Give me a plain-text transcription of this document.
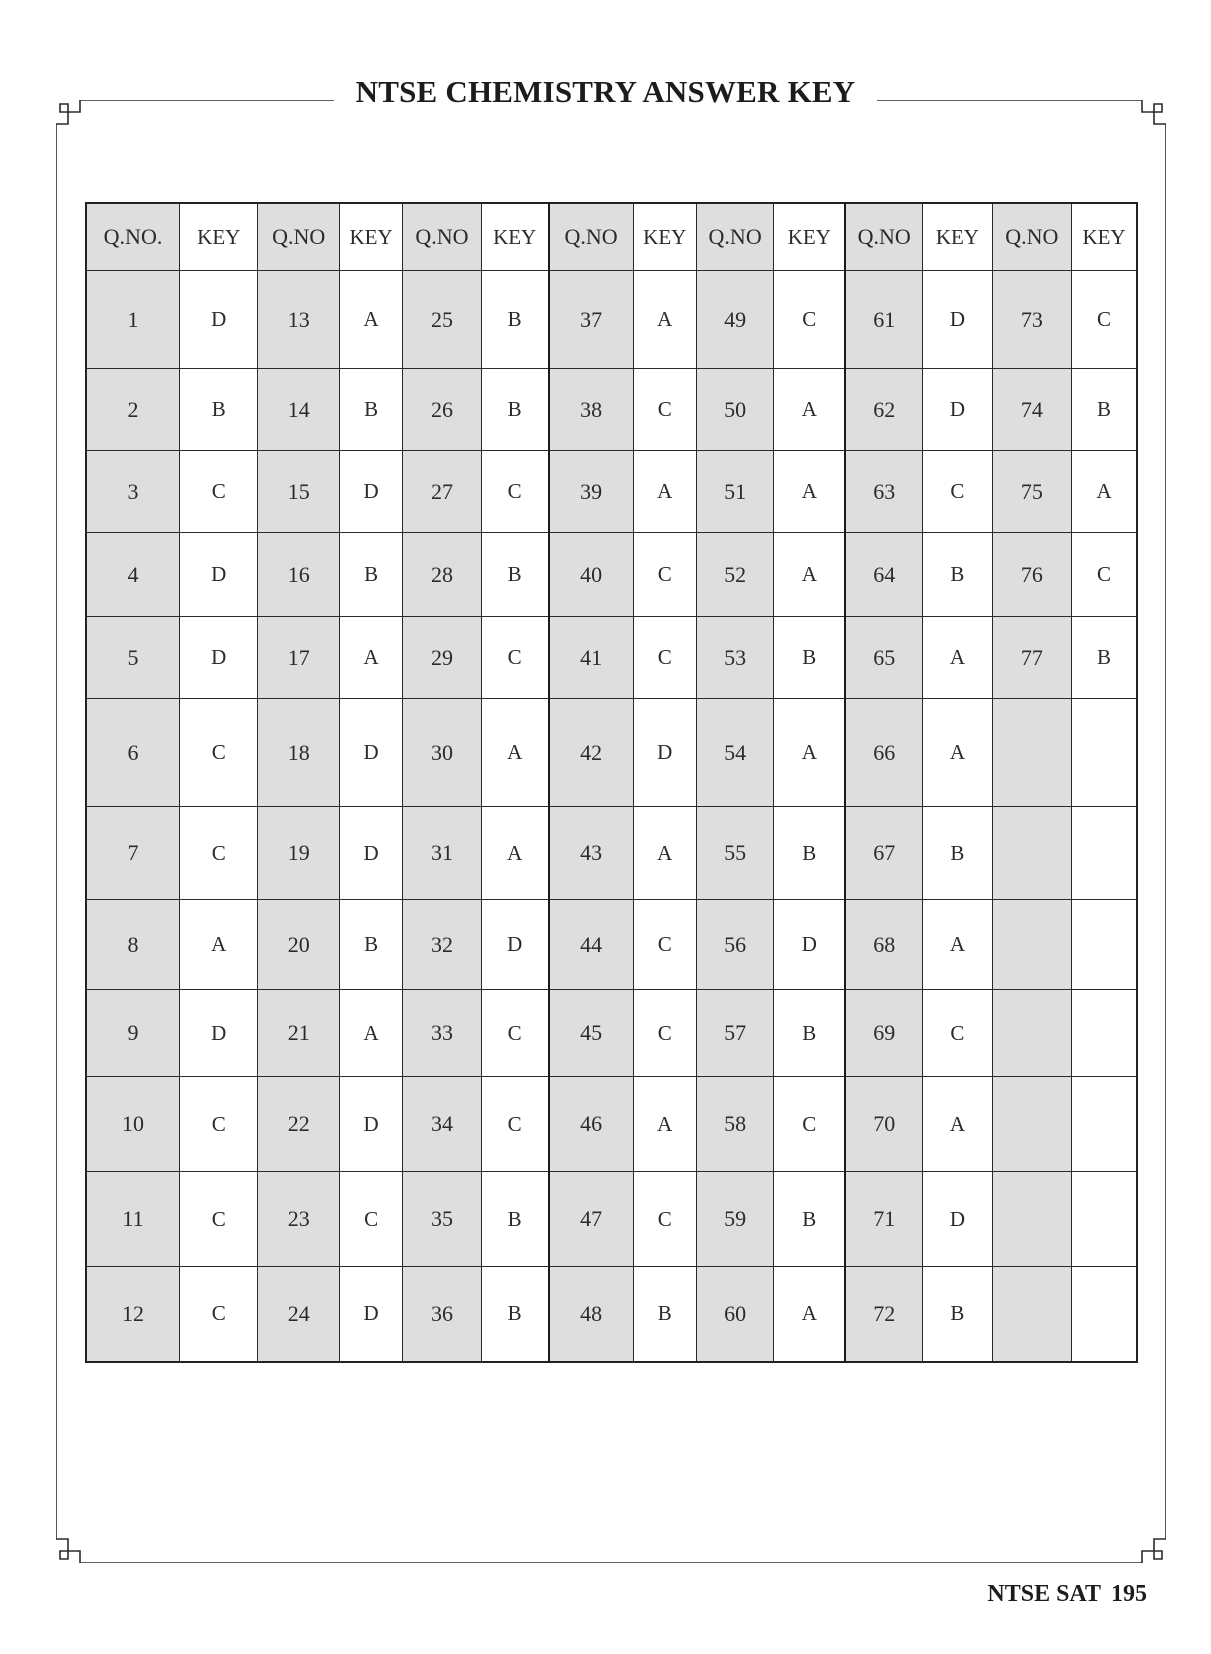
NTSE CHEMISTRY ANSWER KEY
Q.NO.	KEY	Q.NO	KEY	Q.NO	KEY	Q.NO	KEY	Q.NO	KEY	Q.NO	KEY	Q.NO	KEY
1	D	13	A	25	B	37	A	49	C	61	D	73	C
2	B	14	B	26	B	38	C	50	A	62	D	74	B
3	C	15	D	27	C	39	A	51	A	63	C	75	A
4	D	16	B	28	B	40	C	52	A	64	B	76	C
5	D	17	A	29	C	41	C	53	B	65	A	77	B
6	C	18	D	30	A	42	D	54	A	66	A		
7	C	19	D	31	A	43	A	55	B	67	B		
8	A	20	B	32	D	44	C	56	D	68	A		
9	D	21	A	33	C	45	C	57	B	69	C		
10	C	22	D	34	C	46	A	58	C	70	A		
11	C	23	C	35	B	47	C	59	B	71	D		
12	C	24	D	36	B	48	B	60	A	72	B		
NTSE SAT 195
